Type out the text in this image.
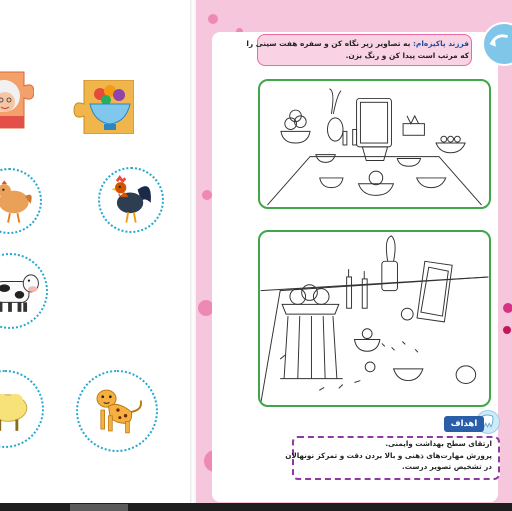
فرزند پاکیزه‌ام: به تصاویر زیر نگاه کن و سفره هفت سینی را
که مرتب است پیدا کن و رنگ بزن.
اهداف
ارتقای سطح بهداشت وایمنی.
پرورش مهارت‌های ذهنی و بالا بردن دقت و تمرکز نونهالان
در تشخیص تصویر درست.
